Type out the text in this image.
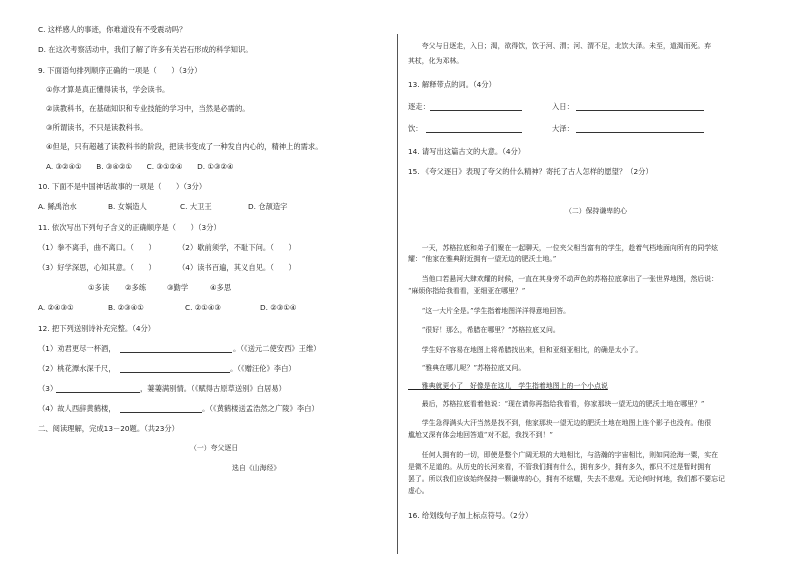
C. 这样感人的事迹，你难道没有不受震动吗？
D. 在这次考察活动中，我们了解了许多有关岩石形成的科学知识。
9. 下面语句排列顺序正确的一项是（　　）（3分）
①你才算是真正懂得读书，学会读书。
②读教科书，在基础知识和专业技能的学习中，当然是必需的。
③所谓读书，不只是读教科书。
④但是，只有超越了读教科书的阶段，把读书变成了一种发自内心的，精神上的需求。
A. ③②④①　　B. ③④②①　　C. ③①②④　　D. ①③②④
10. 下面不是中国神话故事的一项是（　　）（3分）
A. 鲧禹治水	B. 女娲造人	C. 大卫王	D. 仓颉造字
11. 依次写出下列句子含义的正确顺序是（　　）（3分）
（1）拳不离手，曲不离口。（　　）	（2）歇前须学，不耻下问。（　　）
（3）好学深思，心知其意。（　　）	（4）读书百遍，其义自见。（　　）
①多读 ②多练	③勤学	④多思
A. ②④③①	B. ②③④①	C. ②①④③	D. ②③①④
12. 把下列送别诗补充完整。（4分）
（1）劝君更尽一杯酒，	。（《送元二使安西》王维）
（2）桃花潭水深千尺，	。（《赠汪伦》李白）
（3）	，萋萋满别情。（《赋得古原草送别》白居易）
（4）故人西辞黄鹤楼，	。（《黄鹤楼送孟浩然之广陵》李白）
二、阅读理解，完成13－20题。（共23分）
（一）夸父逐日
选自《山海经》
　　夸父与日逐走，入日；渴，欲得饮，饮于河、渭；河、渭不足，北饮大泽。未至，道渴而死。弃
其杖，化为邓林。
13. 解释带点的词。（4分）
逐走：	入日：
饮：	大泽：
14. 请写出这篇古文的大意。（4分）
15. 《夸父逐日》表现了夸父的什么精神？寄托了古人怎样的愿望？（2分）
（二）保持谦卑的心
　　一天，苏格拉底和弟子们聚在一起聊天，一位夹父相当富有的学生，趁着气档地面向所有的同学炫
耀：“他家在雅典附近拥有一望无边的肥沃土地。”
　　当他口若悬河大肆欢耀的时候，一直在其身旁不动声色的苏格拉底拿出了一张世界地图，然后说：
“麻烦你指给我看看，亚细亚在哪里？”
　　“这一大片全是。”学生指着地图洋洋得意地回答。
　　“很好！那么，希腊在哪里？”苏格拉底又问。
　　学生好不容易在地图上将希腊找出来，但和亚细亚相比，的确是太小了。
　　“雅典在哪儿呢？”苏格拉底又问。
　　雅典就更小了　好像是在这儿　学生指着地图上的一个小点说
　　最后，苏格拉底看着他说：“现在请你再指给我看看，你家那块一望无边的肥沃土地在哪里？”
　　学生急得满头大汗当然是找不到，他家那块一望无边的肥沃土地在地图上连个影子也没有。他很
尴尬又深有体会地回答道“对不起，我找不到！”
　　任何人拥有的一切，即使是整个广阔无垠的大地相比，与浩瀚的宇宙相比，则如同沧海一粟，实在
是微不足道的。从历史的长河来看，不管我们拥有什么，拥有多少，拥有多久，都只不过是暂时拥有
罢了。所以我们应该始终保持一颗谦卑的心，拥有不炫耀，失去不悲观。无论何时何地，我们都不要忘记
虚心。
16. 给划线句子加上标点符号。（2分）
